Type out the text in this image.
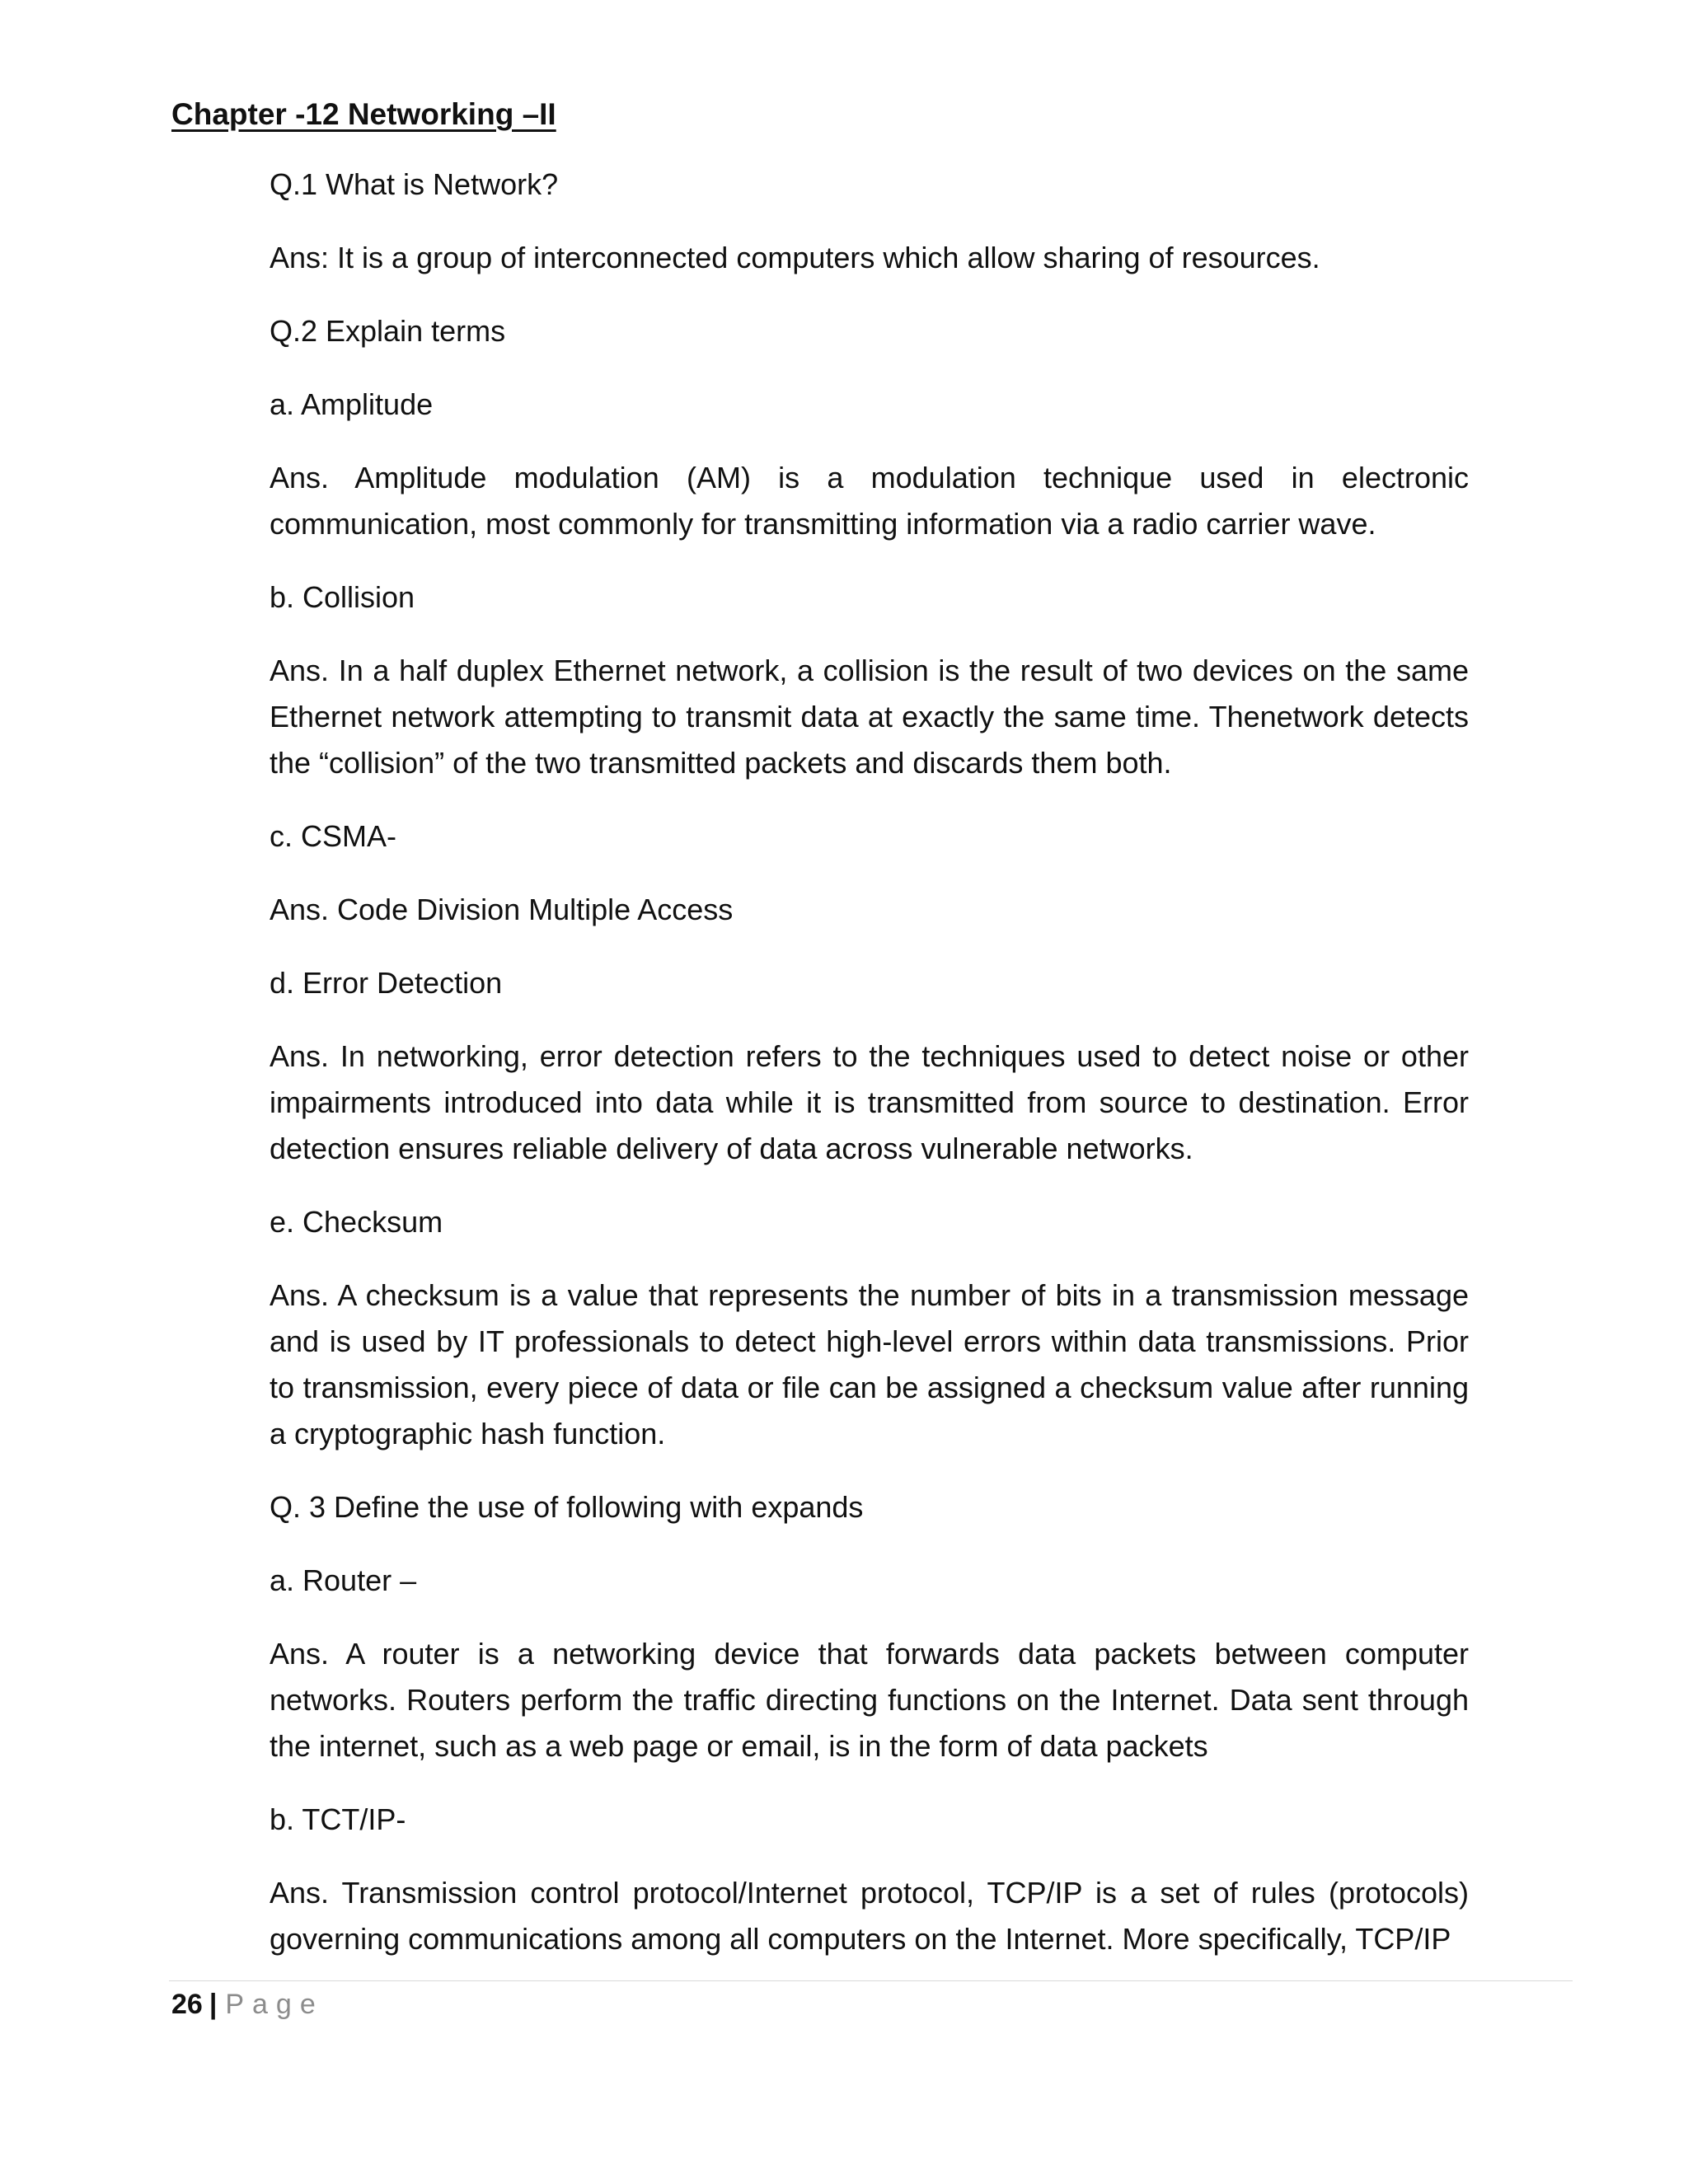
Chapter -12 Networking –II

Q.1 What is Network?

Ans: It is a group of interconnected computers which allow sharing of resources.

Q.2 Explain terms

a. Amplitude

Ans. Amplitude modulation (AM) is a modulation technique used in electronic communication, most commonly for transmitting information via a radio carrier wave.

b. Collision

Ans. In a half duplex Ethernet network, a collision is the result of two devices on the same Ethernet network attempting to transmit data at exactly the same time. Thenetwork detects the “collision” of the two transmitted packets and discards them both.

c. CSMA-

Ans. Code Division Multiple Access

d. Error Detection

Ans. In networking, error detection refers to the techniques used to detect noise or other impairments introduced into data while it is transmitted from source to destination. Error detection ensures reliable delivery of data across vulnerable networks.

e. Checksum

Ans. A checksum is a value that represents the number of bits in a transmission message and is used by IT professionals to detect high-level errors within data transmissions. Prior to transmission, every piece of data or file can be assigned a checksum value after running a cryptographic hash function.

Q. 3 Define the use of following with expands

a. Router –

Ans. A router is a networking device that forwards data packets between computer networks. Routers perform the traffic directing functions on the Internet. Data sent through the internet, such as a web page or email, is in the form of data packets

b. TCT/IP-

Ans. Transmission control protocol/Internet protocol, TCP/IP is a set of rules (protocols) governing communications among all computers on the Internet. More specifically, TCP/IP

26 | Page
